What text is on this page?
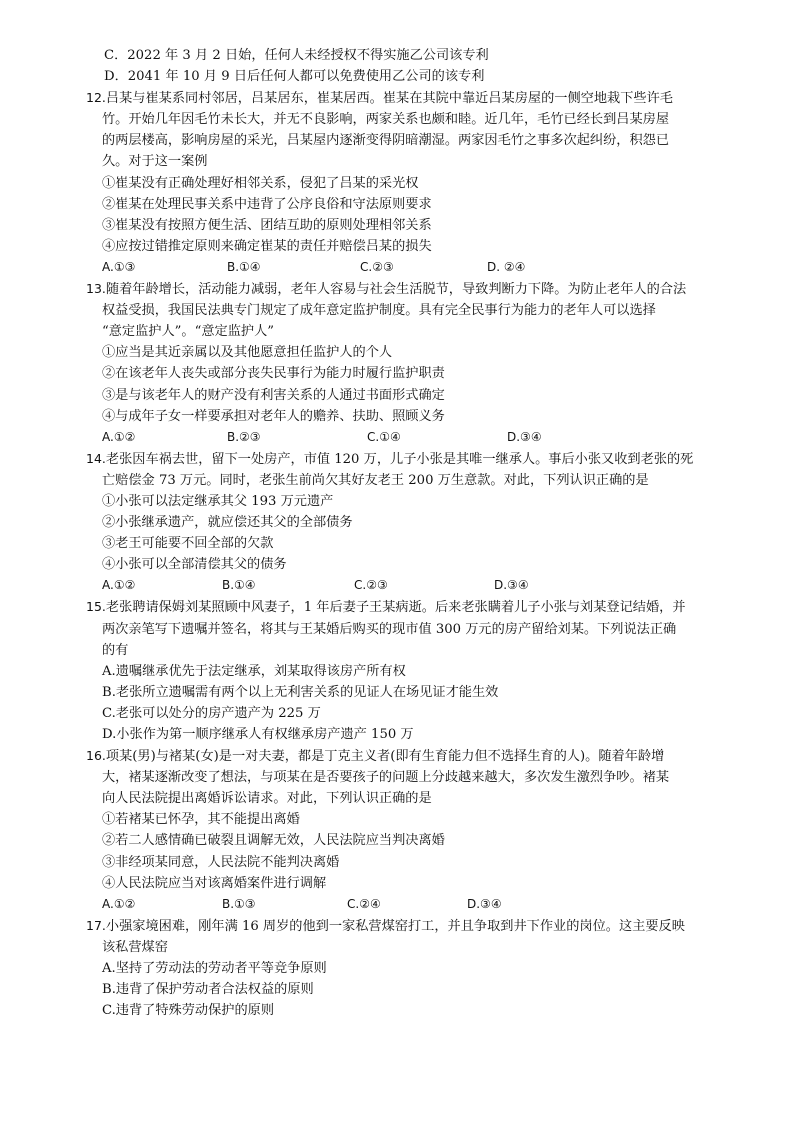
C．2022 年 3 月 2 日始，任何人未经授权不得实施乙公司该专利
D．2041 年 10 月 9 日后任何人都可以免费使用乙公司的该专利
12.吕某与崔某系同村邻居，吕某居东，崔某居西。崔某在其院中靠近吕某房屋的一侧空地栽下些许毛
竹。开始几年因毛竹未长大，并无不良影响，两家关系也颇和睦。近几年，毛竹已经长到吕某房屋
的两层楼高，影响房屋的采光，吕某屋内逐渐变得阴暗潮湿。两家因毛竹之事多次起纠纷，积怨已
久。对于这一案例
①崔某没有正确处理好相邻关系，侵犯了吕某的采光权
②崔某在处理民事关系中违背了公序良俗和守法原则要求
③崔某没有按照方便生活、团结互助的原则处理相邻关系
④应按过错推定原则来确定崔某的责任并赔偿吕某的损失
A.①③	B.①④	C.②③	D. ②④
13.随着年龄增长，活动能力减弱，老年人容易与社会生活脱节，导致判断力下降。为防止老年人的合法
权益受损，我国民法典专门规定了成年意定监护制度。具有完全民事行为能力的老年人可以选择
“意定监护人”。“意定监护人”
①应当是其近亲属以及其他愿意担任监护人的个人
②在该老年人丧失或部分丧失民事行为能力时履行监护职责
③是与该老年人的财产没有利害关系的人通过书面形式确定
④与成年子女一样要承担对老年人的赡养、扶助、照顾义务
A.①②	B.②③	C.①④	D.③④
14.老张因车祸去世，留下一处房产，市值 120 万，儿子小张是其唯一继承人。事后小张又收到老张的死
亡赔偿金 73 万元。同时，老张生前尚欠其好友老王 200 万生意款。对此，下列认识正确的是
①小张可以法定继承其父 193 万元遗产
②小张继承遗产，就应偿还其父的全部债务
③老王可能要不回全部的欠款
④小张可以全部清偿其父的债务
A.①②	B.①④	C.②③	D.③④
15.老张聘请保姆刘某照顾中风妻子，1 年后妻子王某病逝。后来老张瞒着儿子小张与刘某登记结婚，并
两次亲笔写下遗嘱并签名，将其与王某婚后购买的现市值 300 万元的房产留给刘某。下列说法正确
的有
A.遗嘱继承优先于法定继承，刘某取得该房产所有权
B.老张所立遗嘱需有两个以上无利害关系的见证人在场见证才能生效
C.老张可以处分的房产遗产为 225 万
D.小张作为第一顺序继承人有权继承房产遗产 150 万
16.项某(男)与褚某(女)是一对夫妻，都是丁克主义者(即有生育能力但不选择生育的人)。随着年龄增
大，褚某逐渐改变了想法，与项某在是否要孩子的问题上分歧越来越大，多次发生激烈争吵。褚某
向人民法院提出离婚诉讼请求。对此，下列认识正确的是
①若褚某已怀孕，其不能提出离婚
②若二人感情确已破裂且调解无效，人民法院应当判决离婚
③非经项某同意，人民法院不能判决离婚
④人民法院应当对该离婚案件进行调解
A.①②	B.①③	C.②④	D.③④
17.小强家境困难，刚年满 16 周岁的他到一家私营煤窑打工，并且争取到井下作业的岗位。这主要反映
该私营煤窑
A.坚持了劳动法的劳动者平等竞争原则
B.违背了保护劳动者合法权益的原则
C.违背了特殊劳动保护的原则
